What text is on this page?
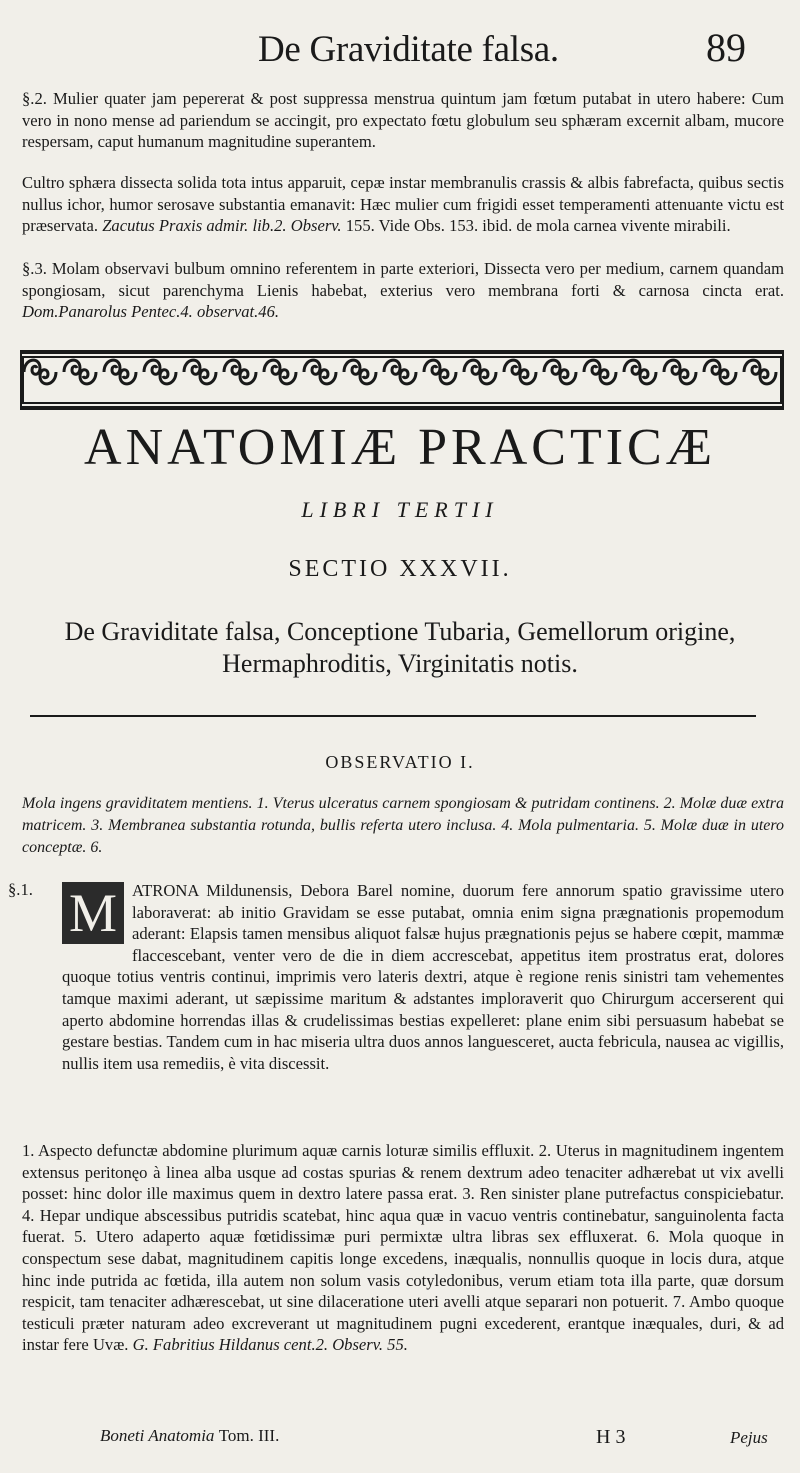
De Graviditate falsa.	89
§.2. Mulier quater jam pepererat & post suppressa menstrua quintum jam fœtum putabat in utero habere: Cum vero in nono mense ad pariendum se accingit, pro expectato fœtu globulum seu sphæram excernit albam, mucore respersam, caput humanum magnitudine superantem.
Cultro sphæra dissecta solida tota intus apparuit, cepæ instar membranulis crassis & albis fabrefacta, quibus sectis nullus ichor, humor serosave substantia emanavit: Hæc mulier cum frigidi esset temperamenti attenuante victu est præservata. Zacutus Praxis admir. lib.2. Observ. 155. Vide Obs. 153. ibid. de mola carnea vivente mirabili.
§.3. Molam observavi bulbum omnino referentem in parte exteriori, Dissecta vero per medium, carnem quandam spongiosam, sicut parenchyma Lienis habebat, exterius vero membrana forti & carnosa cincta erat. Dom.Panarolus Pentec.4. observat.46.
ANATOMIÆ PRACTICÆ
LIBRI TERTII
SECTIO XXXVII.
De Graviditate falsa, Conceptione Tubaria, Gemellorum origine, Hermaphroditis, Virginitatis notis.
OBSERVATIO I.
Mola ingens graviditatem mentiens. 1. Vterus ulceratus carnem spongiosam & putridam continens. 2. Molæ duæ extra matricem. 3. Membranea substantia rotunda, bullis referta utero inclusa. 4. Mola pulmentaria. 5. Molæ duæ in utero conceptæ. 6.
§.1. M ATRONA Mildunensis, Debora Barel nomine, duorum fere annorum spatio gravissime utero laboraverat: ab initio Gravidam se esse putabat, omnia enim signa prægnationis propemodum aderant: Elapsis tamen mensibus aliquot falsæ hujus prægnationis pejus se habere cœpit, mammæ flaccescebant, venter vero de die in diem accrescebat, appetitus item prostratus erat, dolores quoque totius ventris continui, imprimis vero lateris dextri, atque è regione renis sinistri tam vehementes tamque maximi aderant, ut sæpissime maritum & adstantes imploraverit quo Chirurgum accerserent qui aperto abdomine horrendas illas & crudelissimas bestias expelleret: plane enim sibi persuasum habebat se gestare bestias. Tandem cum in hac miseria ultra duos annos languesceret, aucta febricula, nausea ac vigillis, nullis item usa remediis, è vita discessit.
1. Aspecto defunctæ abdomine plurimum aquæ carnis loturæ similis effluxit. 2. Uterus in magnitudinem ingentem extensus peritonęo à linea alba usque ad costas spurias & renem dextrum adeo tenaciter adhærebat ut vix avelli posset: hinc dolor ille maximus quem in dextro latere passa erat. 3. Ren sinister plane putrefactus conspiciebatur. 4. Hepar undique abscessibus putridis scatebat, hinc aqua quæ in vacuo ventris continebatur, sanguinolenta facta fuerat. 5. Utero adaperto aquæ fœtidissimæ puri permixtæ ultra libras sex effluxerat. 6. Mola quoque in conspectum sese dabat, magnitudinem capitis longe excedens, inæqualis, nonnullis quoque in locis dura, atque hinc inde putrida ac fœtida, illa autem non solum vasis cotyledonibus, verum etiam tota illa parte, quæ dorsum respicit, tam tenaciter adhærescebat, ut sine dilaceratione uteri avelli atque separari non potuerit. 7. Ambo quoque testiculi præter naturam adeo excreverant ut magnitudinem pugni excederent, erantque inæquales, duri, & ad instar fere Uvæ. G. Fabritius Hildanus cent.2. Observ. 55.
Boneti Anatomia Tom. III.	H 3	Pejus
